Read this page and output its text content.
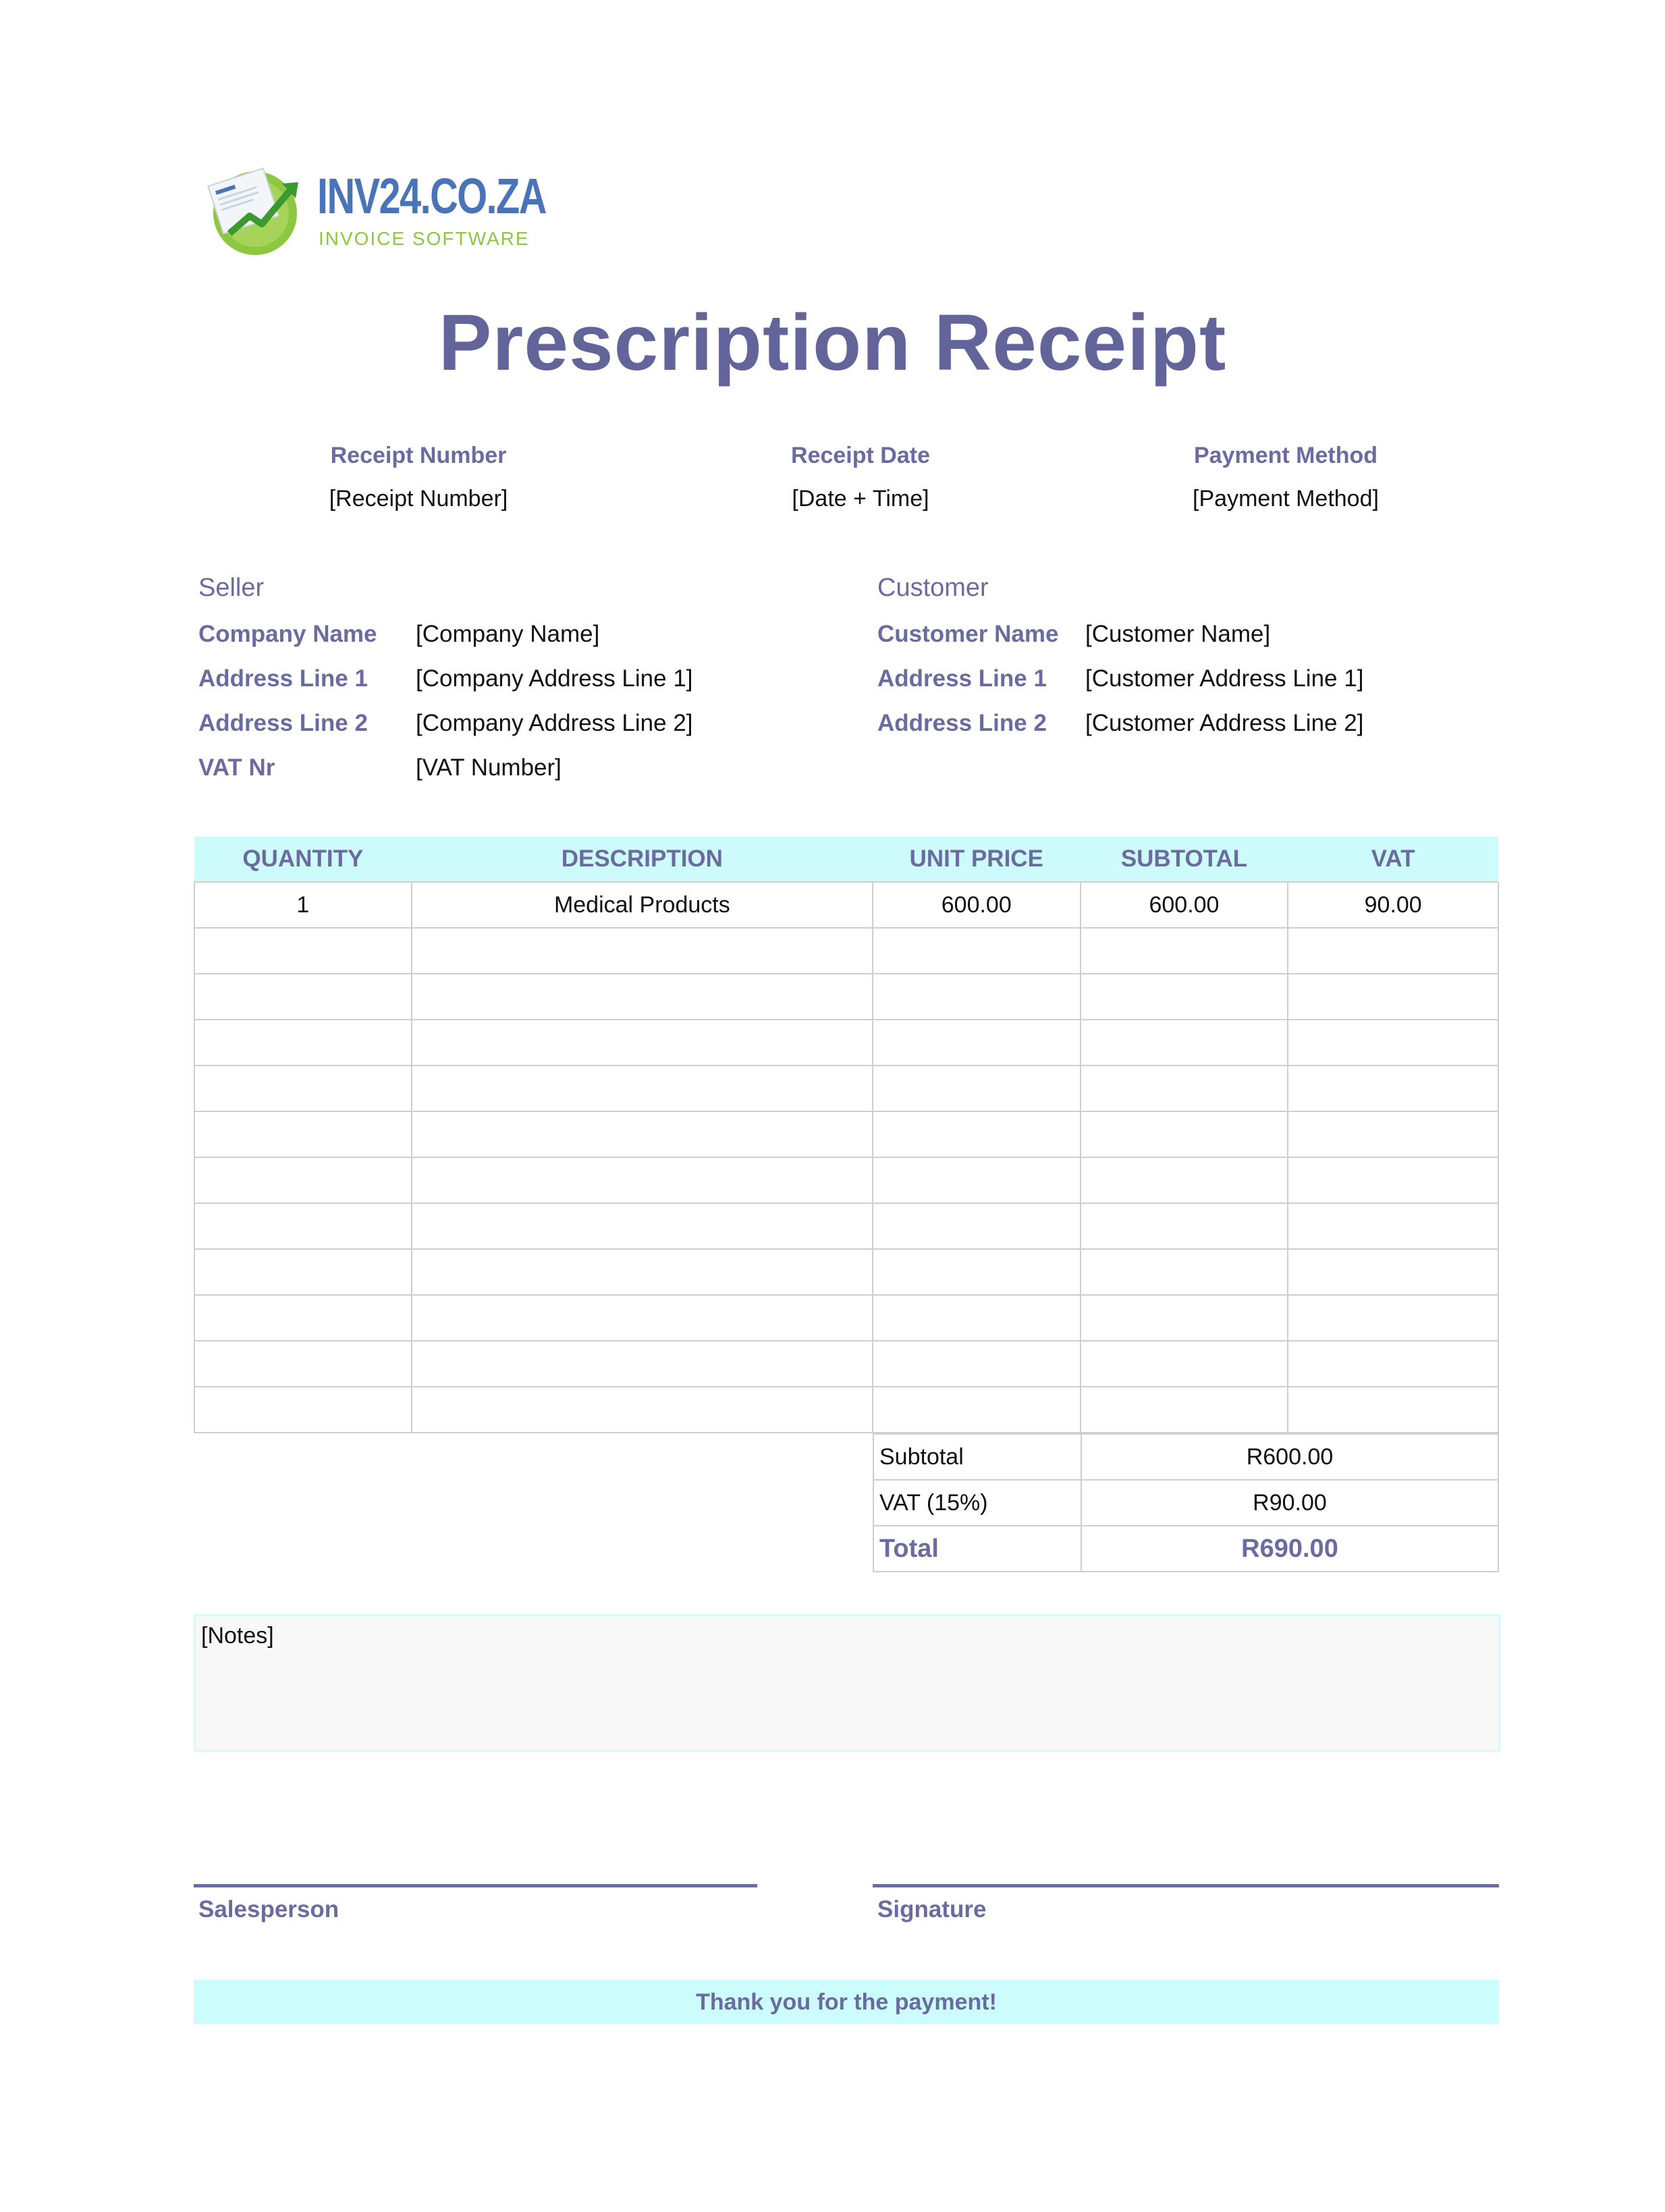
INV24.CO.ZA
INVOICE SOFTWARE
Prescription Receipt
Receipt Number
[Receipt Number]
Receipt Date
[Date + Time]
Payment Method
[Payment Method]
Seller
Company Name [Company Name]
Address Line 1 [Company Address Line 1]
Address Line 2 [Company Address Line 2]
VAT Nr	[VAT Number]
Customer
Customer Name [Customer Name]
Address Line 1 [Customer Address Line 1]
Address Line 2 [Customer Address Line 2]
QUANTITY	DESCRIPTION	UNIT PRICE	SUBTOTAL	VAT
1	Medical Products	600.00	600.00	90.00

Subtotal	R600.00
VAT (15%)	R90.00
Total	R690.00
[Notes]
Salesperson	Signature
Thank you for the payment!
